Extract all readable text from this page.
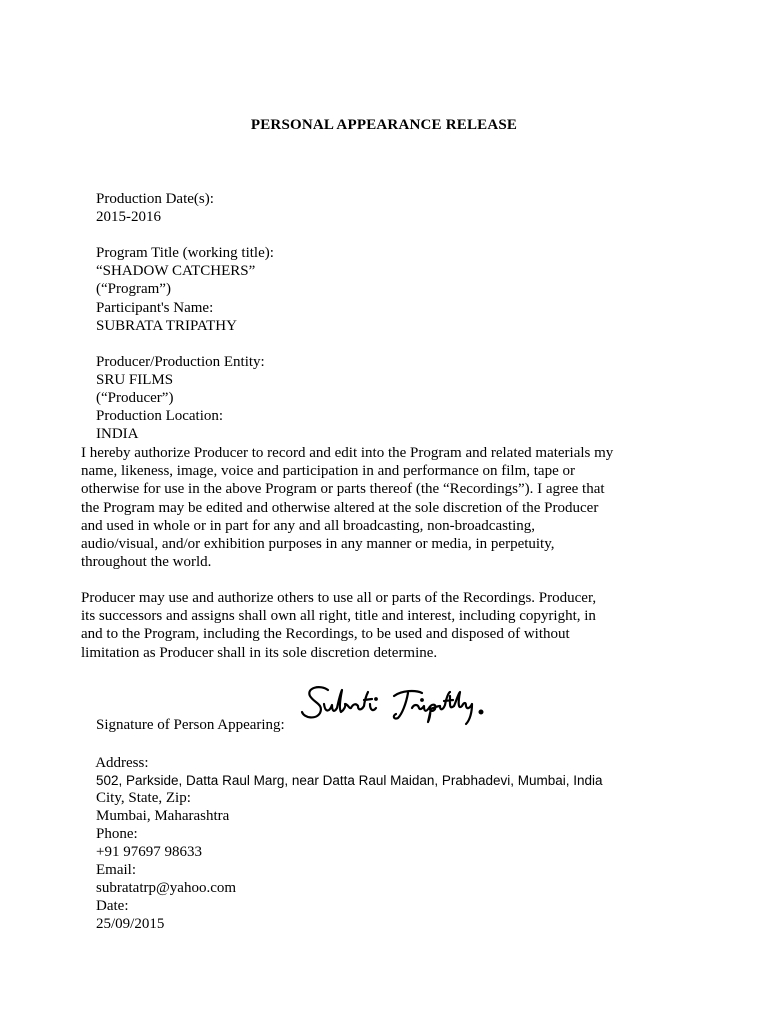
PERSONAL APPEARANCE RELEASE

Production Date(s):
2015-2016

Program Title (working title):
“SHADOW CATCHERS”
(“Program”)

Participant's Name:
SUBRATA TRIPATHY

Producer/Production Entity:
SRU FILMS
(“Producer”)

Production Location:
INDIA

I hereby authorize Producer to record and edit into the Program and related materials my
name, likeness, image, voice and participation in and performance on film, tape or
otherwise for use in the above Program or parts thereof (the “Recordings”). I agree that
the Program may be edited and otherwise altered at the sole discretion of the Producer
and used in whole or in part for any and all broadcasting, non-broadcasting,
audio/visual, and/or exhibition purposes in any manner or media, in perpetuity,
throughout the world.
Producer may use and authorize others to use all or parts of the Recordings. Producer,
its successors and assigns shall own all right, title and interest, including copyright, in
and to the Program, including the Recordings, to be used and disposed of without
limitation as Producer shall in its sole discretion determine.

Signature of Person Appearing:

Address:
502, Parkside, Datta Raul Marg, near Datta Raul Maidan, Prabhadevi, Mumbai, India

City, State, Zip:
Mumbai, Maharashtra

Phone:
+91 97697 98633

Email:
subratatrp@yahoo.com

Date:
25/09/2015
